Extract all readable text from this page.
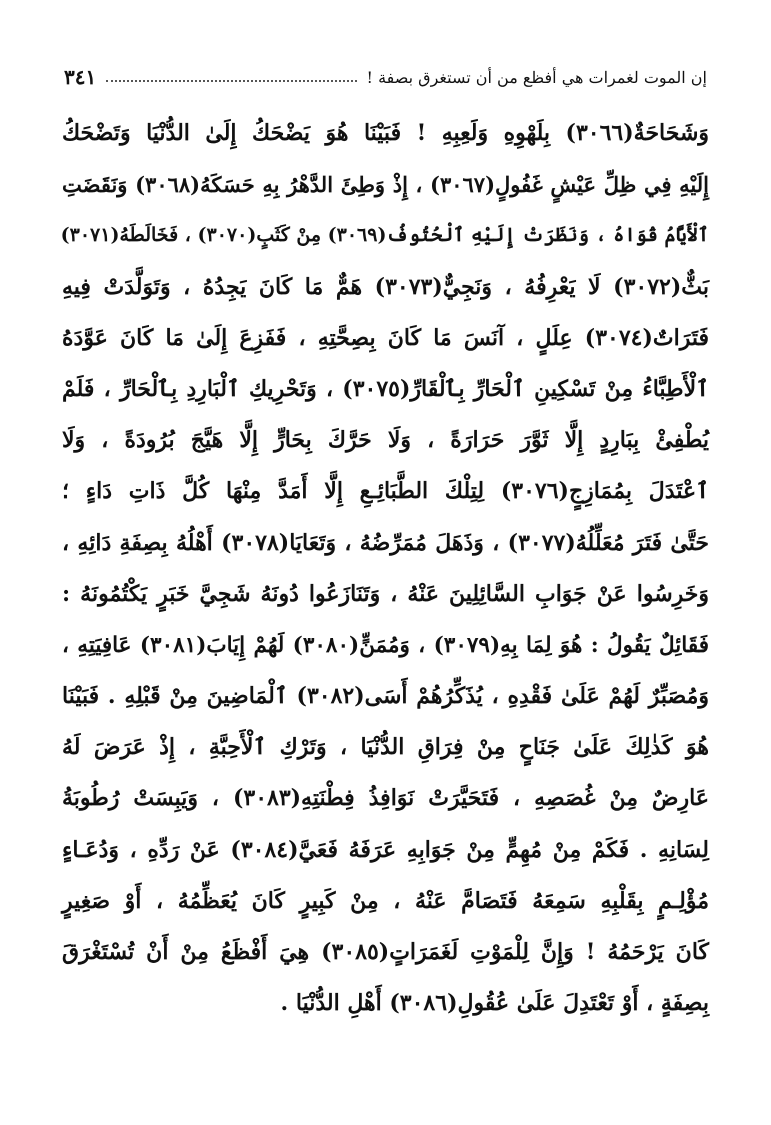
إن الموت لغمرات هي أفظع من أن تستغرق بصفة !
٣٤١
وَشَحَاحَةٌ(٣٠٦٦) بِلَهْوِهِ وَلَعِبِهِ ! فَبَيْنَا هُوَ يَضْحَكُ إِلَىٰ الدُّنْيَا وَتَضْحَكُ
إِلَيْهِ فِي ظِلِّ عَيْشٍ غَفُولٍ(٣٠٦٧) ، إِذْ وَطِئَ الدَّهْرُ بِهِ حَسَكَهُ(٣٠٦٨) وَنَقَضَتِ
ٱلْأَيَّامُ قُوَاهُ ، وَنَظَرَتْ إِلَيْهِ ٱلْحُتُوفُ(٣٠٦٩) مِنْ كَثَبٍ(٣٠٧٠) ، فَخَالَطَهُ(٣٠٧١)
بَثٌّ(٣٠٧٢) لَا يَعْرِفُهُ ، وَنَجِيٌّ(٣٠٧٣) هَمٌّ مَا كَانَ يَجِدُهُ ، وَتَوَلَّدَتْ فِيهِ
فَتَرَاتٌ(٣٠٧٤) عِلَلٍ ، آنَسَ مَا كَانَ بِصِحَّتِهِ ، فَفَزِعَ إِلَىٰ مَا كَانَ عَوَّدَهُ
ٱلْأَطِبَّاءُ مِنْ تَسْكِينِ ٱلْحَارِّ بِٱلْقَارِّ(٣٠٧٥) ، وَتَحْرِيكِ ٱلْبَارِدِ بِٱلْحَارِّ ، فَلَمْ
يُطْفِئْ بِبَارِدٍ إِلَّا ثَوَّرَ حَرَارَةً ، وَلَا حَرَّكَ بِحَارٍّ إِلَّا هَيَّجَ بُرُودَةً ، وَلَا
ٱعْتَدَلَ بِمُمَازِجٍ(٣٠٧٦) لِتِلْكَ الطَّبَائِـعِ إِلَّا أَمَدَّ مِنْهَا كُلَّ ذَاتِ دَاءٍ ؛
حَتَّىٰ فَتَرَ مُعَلِّلُهُ(٣٠٧٧) ، وَذَهَلَ مُمَرِّضُهُ ، وَتَعَايَا(٣٠٧٨) أَهْلُهُ بِصِفَةِ دَائِهِ ،
وَخَرِسُوا عَنْ جَوَابِ السَّائِلِينَ عَنْهُ ، وَتَنَازَعُوا دُونَهُ شَجِيَّ خَبَرٍ يَكْتُمُونَهُ :
فَقَائِلٌ يَقُولُ : هُوَ لِمَا بِهِ(٣٠٧٩) ، وَمُمَنٍّ(٣٠٨٠) لَهُمْ إِيَابَ(٣٠٨١) عَافِيَتِهِ ،
وَمُصَبِّرٌ لَهُمْ عَلَىٰ فَقْدِهِ ، يُذَكِّرُهُمْ أَسَى(٣٠٨٢) ٱلْمَاضِينَ مِنْ قَبْلِهِ . فَبَيْنَا
هُوَ كَذٰلِكَ عَلَىٰ جَنَاحٍ مِنْ فِرَاقِ الدُّنْيَا ، وَتَرْكِ ٱلْأَحِبَّةِ ، إِذْ عَرَضَ لَهُ
عَارِضٌ مِنْ غُصَصِهِ ، فَتَحَيَّرَتْ نَوَافِذُ فِطْنَتِهِ(٣٠٨٣) ، وَيَبِسَتْ رُطُوبَةُ
لِسَانِهِ . فَكَمْ مِنْ مُهِمٍّ مِنْ جَوَابِهِ عَرَفَهُ فَعَيَّ(٣٠٨٤) عَنْ رَدِّهِ ، وَدُعَـاءٍ
مُؤْلِـمٍ بِقَلْبِهِ سَمِعَهُ فَتَصَامَّ عَنْهُ ، مِنْ كَبِيرٍ كَانَ يُعَظِّمُهُ ، أَوْ صَغِيرٍ
كَانَ يَرْحَمُهُ ! وَإِنَّ لِلْمَوْتِ لَغَمَرَاتٍ(٣٠٨٥) هِيَ أَفْظَعُ مِنْ أَنْ تُسْتَغْرَقَ
بِصِفَةٍ ، أَوْ تَعْتَدِلَ عَلَىٰ عُقُولِ(٣٠٨٦) أَهْلِ الدُّنْيَا .
